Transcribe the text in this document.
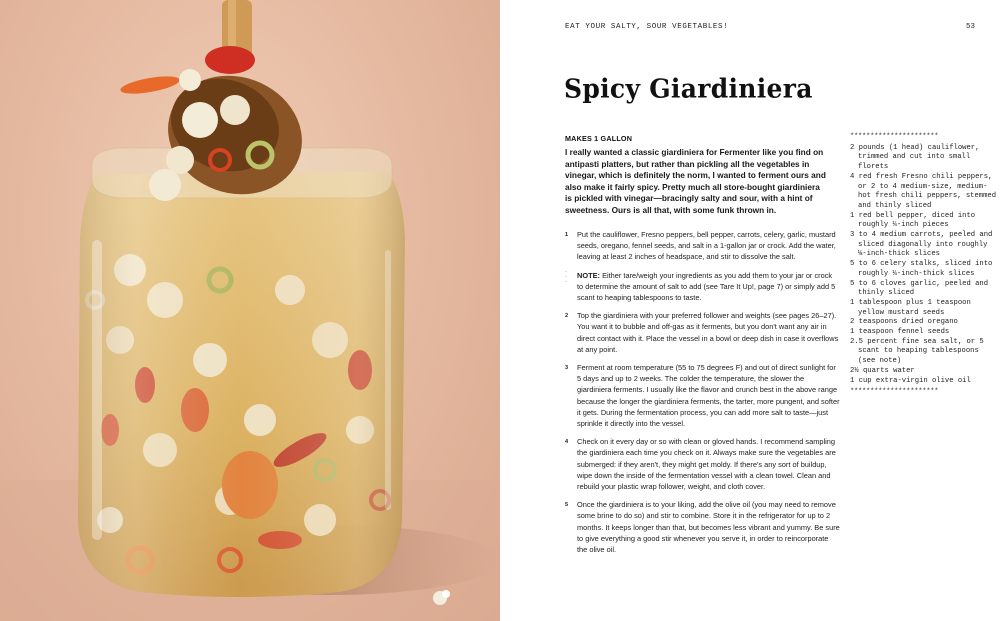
EAT YOUR SALTY, SOUR VEGETABLES!	53
Spicy Giardiniera
MAKES 1 GALLON

I really wanted a classic giardiniera for Fermenter like you find on antipasti platters, but rather than pickling all the vegetables in vinegar, which is definitely the norm, I wanted to ferment ours and also make it fairly spicy. Pretty much all store-bought giardiniera is pickled with vinegar—bracingly salty and sour, with a hint of sweetness. Ours is all that, with some funk thrown in.

1 Put the cauliflower, Fresno peppers, bell pepper, carrots, celery, garlic, mustard seeds, oregano, fennel seeds, and salt in a 1-gallon jar or crock. Add the water, leaving at least 2 inches of headspace, and stir to dissolve the salt.
·
·
·
NOTE: Either tare/weigh your ingredients as you add them to your jar or crock to determine the amount of salt to add (see Tare It Up!, page 7) or simply add 5 scant to heaping tablespoons to taste.
2 Top the giardiniera with your preferred follower and weights (see pages 26–27). You want it to bubble and off-gas as it ferments, but you don't want any air in direct contact with it. Place the vessel in a bowl or deep dish in case it overflows at any point.
3 Ferment at room temperature (55 to 75 degrees F) and out of direct sunlight for 5 days and up to 2 weeks. The colder the temperature, the slower the giardiniera ferments. I usually like the flavor and crunch best in the above range because the longer the giardiniera ferments, the tarter, more pungent, and softer it gets. During the fermentation process, you can add more salt to taste—just sprinkle it directly into the vessel.
4 Check on it every day or so with clean or gloved hands. I recommend sampling the giardiniera each time you check on it. Always make sure the vegetables are submerged: if they aren't, they might get moldy. If there's any sort of buildup, wipe down the inside of the fermentation vessel with a clean towel. Clean and rebuild your plastic wrap follower, weight, and cloth cover.
5 Once the giardiniera is to your liking, add the olive oil (you may need to remove some brine to do so) and stir to combine. Store it in the refrigerator for up to 2 months. It keeps longer than that, but becomes less vibrant and yummy. Be sure to give everything a good stir whenever you serve it, in order to reincorporate the olive oil.
**********************
2 pounds (1 head) cauliflower, trimmed and cut into small florets
4 red fresh Fresno chili peppers, or 2 to 4 medium-size, medium-hot fresh chili peppers, stemmed and thinly sliced
1 red bell pepper, diced into roughly ¼-inch pieces
3 to 4 medium carrots, peeled and sliced diagonally into roughly ⅛-inch-thick slices
5 to 6 celery stalks, sliced into roughly ¼-inch-thick slices
5 to 6 cloves garlic, peeled and thinly sliced
1 tablespoon plus 1 teaspoon yellow mustard seeds
2 teaspoons dried oregano
1 teaspoon fennel seeds
2.5 percent fine sea salt, or 5 scant to heaping tablespoons (see note)
2½ quarts water
1 cup extra-virgin olive oil
**********************
